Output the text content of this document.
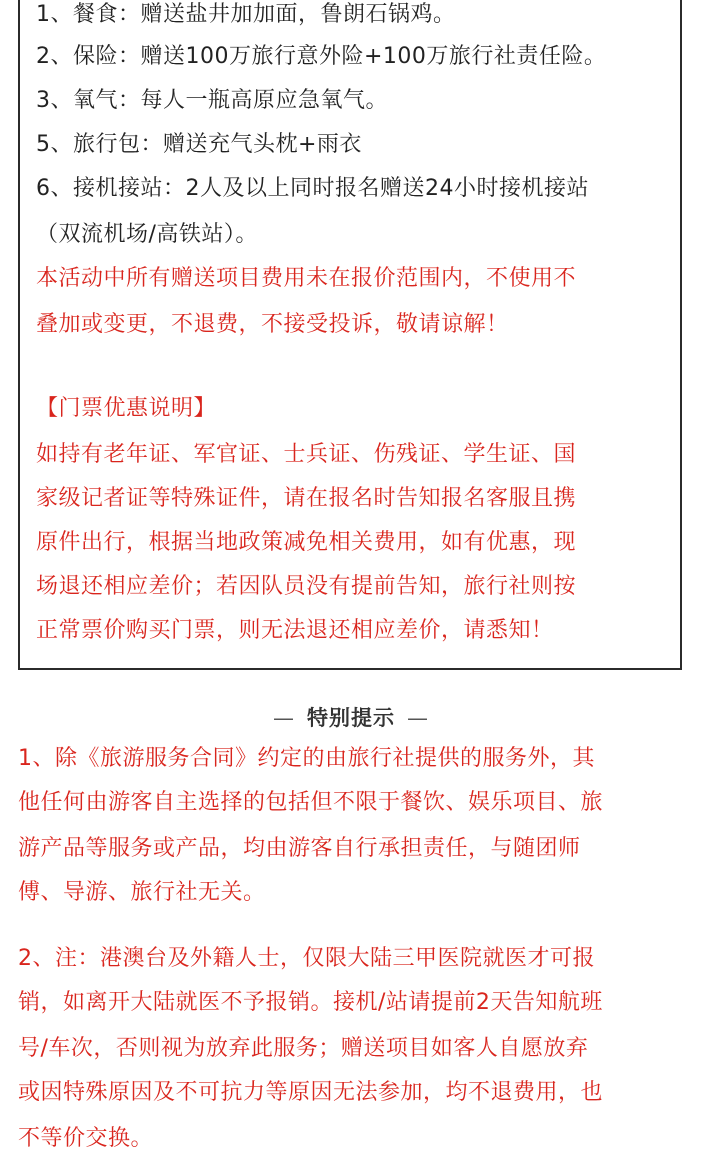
1、餐食：赠送盐井加加面，鲁朗石锅鸡。
2、保险：赠送100万旅行意外险+100万旅行社责任险。
3、氧气：每人一瓶高原应急氧气。
5、旅行包：赠送充气头枕+雨衣
6、接机接站：2人及以上同时报名赠送24小时接机接站
（双流机场/高铁站）。
本活动中所有赠送项目费用未在报价范围内，不使用不
叠加或变更，不退费，不接受投诉，敬请谅解！
【门票优惠说明】
如持有老年证、军官证、士兵证、伤残证、学生证、国
家级记者证等特殊证件，请在报名时告知报名客服且携
原件出行，根据当地政策减免相关费用，如有优惠，现
场退还相应差价；若因队员没有提前告知，旅行社则按
正常票价购买门票，则无法退还相应差价，请悉知！
— 特别提示 —
1、除《旅游服务合同》约定的由旅行社提供的服务外，其
他任何由游客自主选择的包括但不限于餐饮、娱乐项目、旅
游产品等服务或产品，均由游客自行承担责任，与随团师
傅、导游、旅行社无关。
2、注：港澳台及外籍人士，仅限大陆三甲医院就医才可报
销，如离开大陆就医不予报销。接机/站请提前2天告知航班
号/车次，否则视为放弃此服务；赠送项目如客人自愿放弃
或因特殊原因及不可抗力等原因无法参加，均不退费用，也
不等价交换。
